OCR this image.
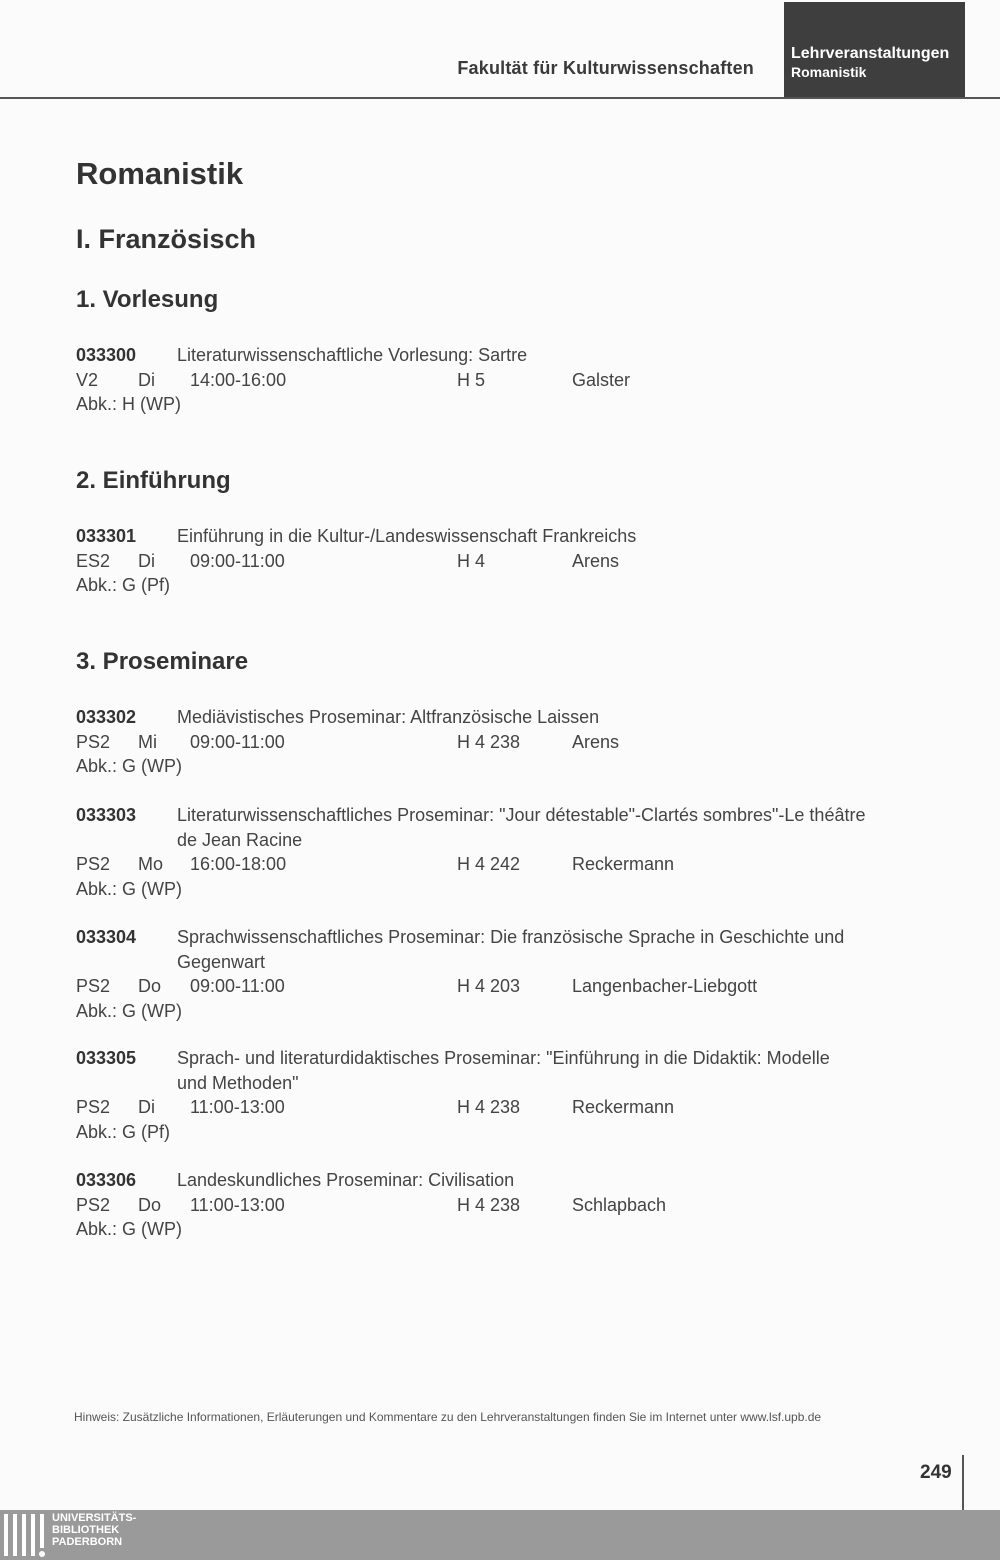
Fakultät für Kulturwissenschaften
Lehrveranstaltungen
Romanistik
Romanistik
I. Französisch
1. Vorlesung
033300 Literaturwissenschaftliche Vorlesung: Sartre
V2 Di 14:00-16:00	H 5	Galster
Abk.: H (WP)
2. Einführung
033301 Einführung in die Kultur-/Landeswissenschaft Frankreichs
ES2 Di 09:00-11:00	H 4	Arens
Abk.: G (Pf)
3. Proseminare
033302 Mediävistisches Proseminar: Altfranzösische Laissen
PS2 Mi 09:00-11:00	H 4 238	Arens
Abk.: G (WP)
033303 Literaturwissenschaftliches Proseminar: "Jour détestable"-Clartés sombres"-Le théâtre
de Jean Racine
PS2 Mo 16:00-18:00	H 4 242	Reckermann
Abk.: G (WP)
033304 Sprachwissenschaftliches Proseminar: Die französische Sprache in Geschichte und
Gegenwart
PS2 Do 09:00-11:00	H 4 203	Langenbacher-Liebgott
Abk.: G (WP)
033305 Sprach- und literaturdidaktisches Proseminar: "Einführung in die Didaktik: Modelle
und Methoden"
PS2 Di 11:00-13:00	H 4 238	Reckermann
Abk.: G (Pf)
033306 Landeskundliches Proseminar: Civilisation
PS2 Do 11:00-13:00	H 4 238	Schlapbach
Abk.: G (WP)
Hinweis: Zusätzliche Informationen, Erläuterungen und Kommentare zu den Lehrveranstaltungen finden Sie im Internet unter www.lsf.upb.de
249
UNIVERSITÄTS-
BIBLIOTHEK
PADERBORN
